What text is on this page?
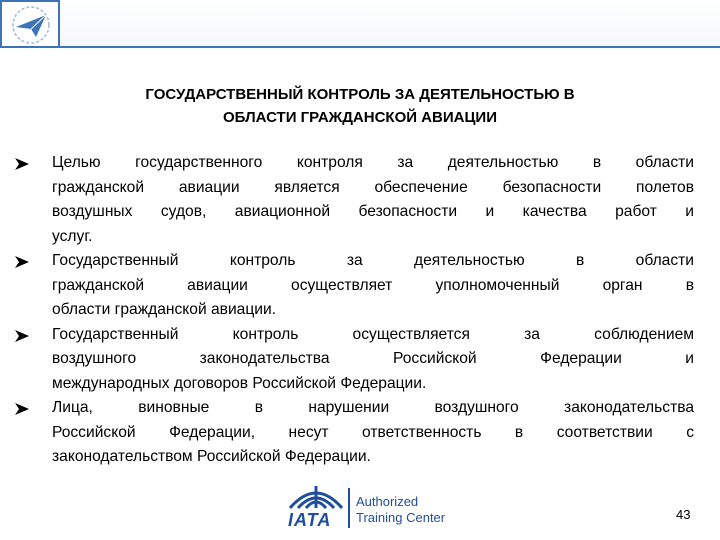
ГОСУДАРСТВЕННЫЙ КОНТРОЛЬ ЗА ДЕЯТЕЛЬНОСТЬЮ В
ОБЛАСТИ ГРАЖДАНСКОЙ АВИАЦИИ
Целью государственного контроля за деятельностью в области
гражданской авиации является обеспечение безопасности полетов
воздушных судов, авиационной безопасности и качества работ и
услуг.
Государственный контроль за деятельностью в области
гражданской авиации осуществляет уполномоченный орган в
области гражданской авиации.
Государственный контроль осуществляется за соблюдением
воздушного законодательства Российской Федерации и
международных договоров Российской Федерации.
Лица, виновные в нарушении воздушного законодательства
Российской Федерации, несут ответственность в соответствии с
законодательством Российской Федерации.
IATA
Authorized
Training Center	43
